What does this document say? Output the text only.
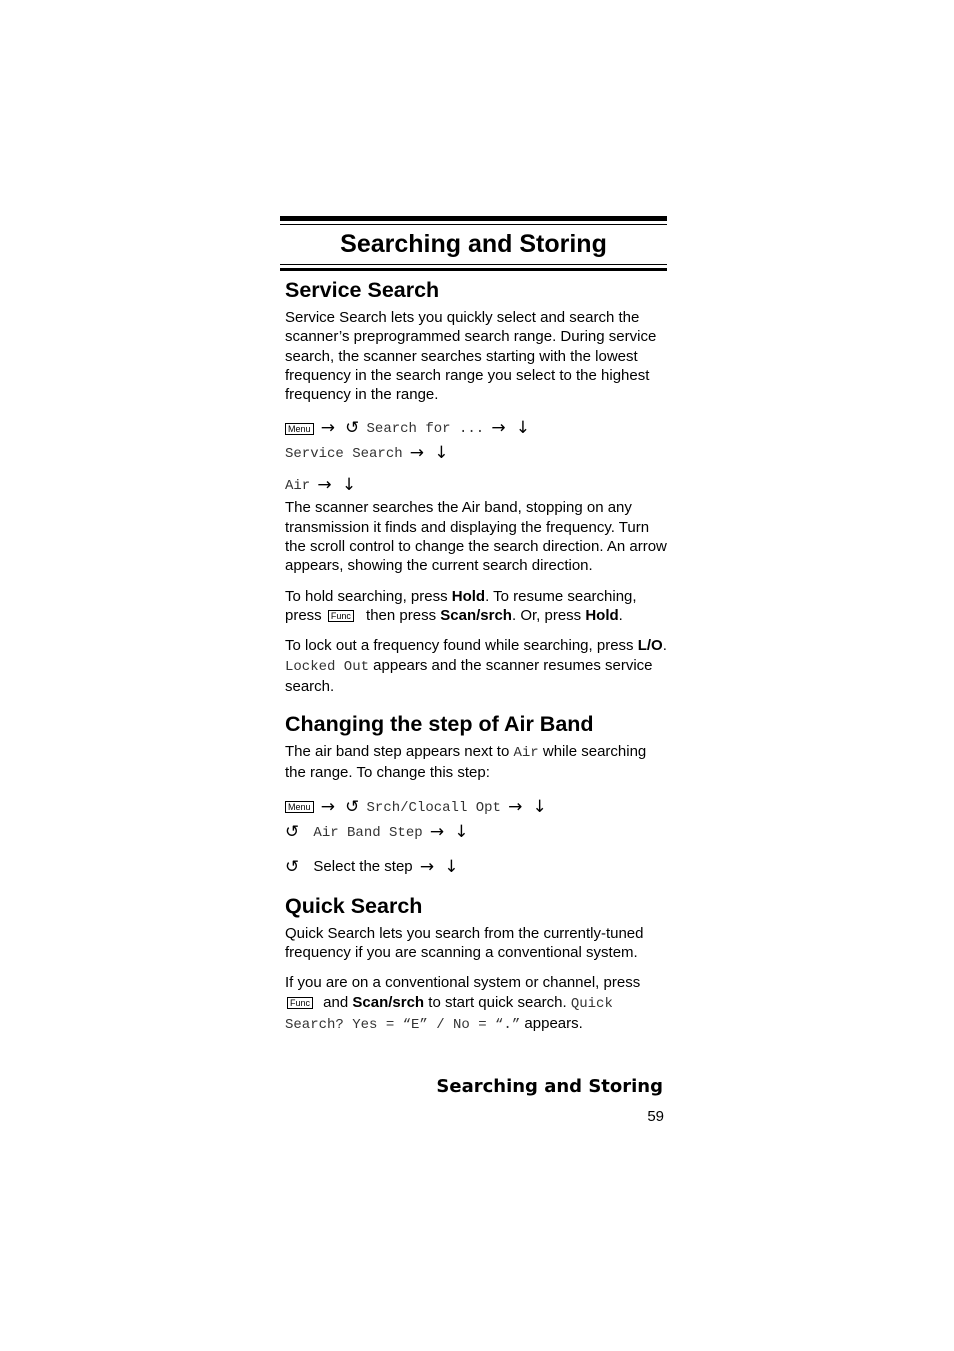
Searching and Storing
Service Search

Service Search lets you quickly select and search the scanner’s preprogrammed search range. During service search, the scanner searches starting with the lowest frequency in the search range you select to the highest frequency in the range.

Menu → ↺ Search for ... → ↓
Service Search → ↓
Air → ↓

The scanner searches the Air band, stopping on any transmission it finds and displaying the frequency. Turn the scroll control to change the search direction. An arrow appears, showing the current search direction.

To hold searching, press Hold. To resume searching, press Func then press Scan/srch. Or, press Hold.

To lock out a frequency found while searching, press L/O. Locked Out appears and the scanner resumes service search.

Changing the step of Air Band

The air band step appears next to Air while searching the range. To change this step:

Menu → ↺ Srch/Clocall Opt → ↓
↺ Air Band Step → ↓
↺ Select the step → ↓
Quick Search

Quick Search lets you search from the currently-tuned frequency if you are scanning a conventional system.

If you are on a conventional system or channel, press Func and Scan/srch to start quick search. Quick Search? Yes = “E” / No = “.” appears.

Searching and Storing
59
